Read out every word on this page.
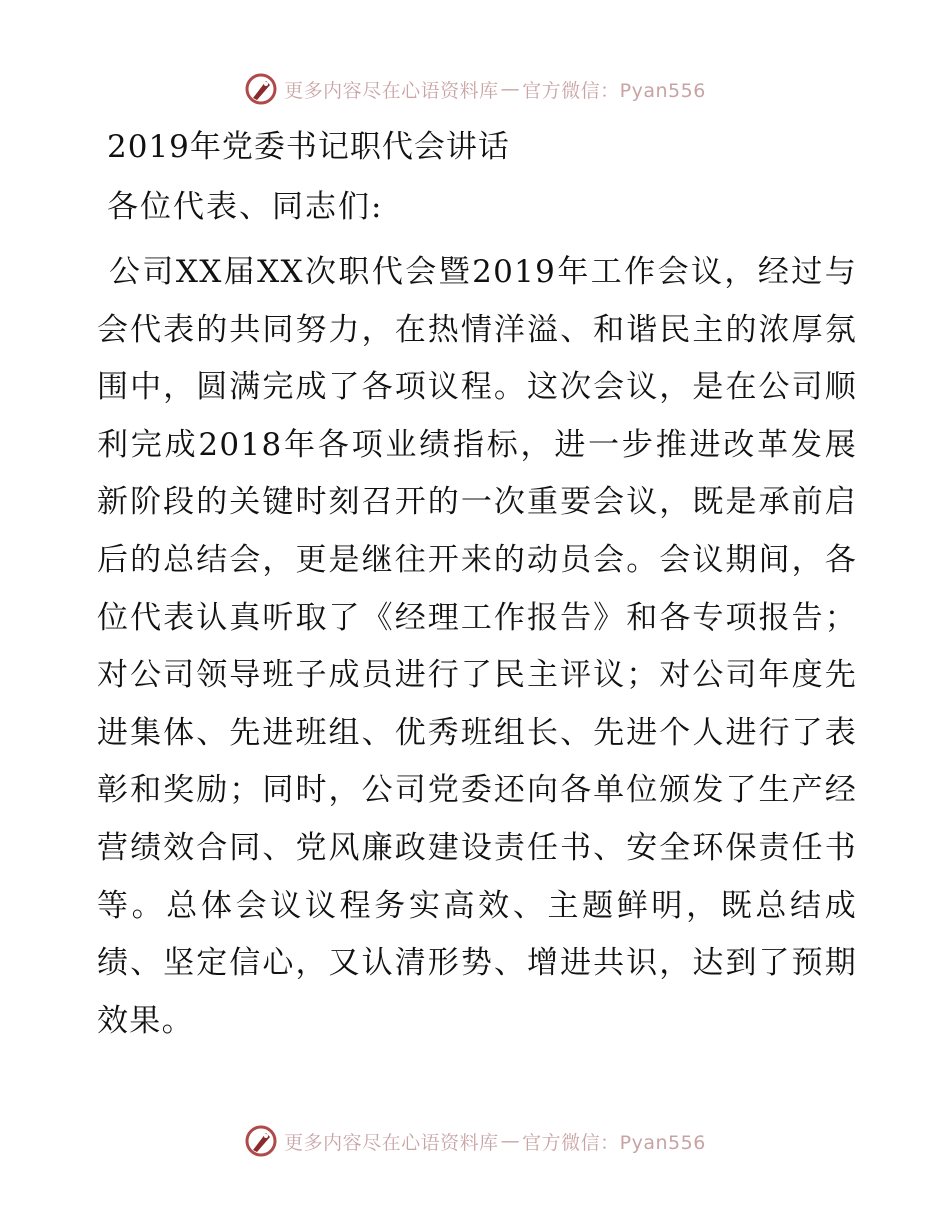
更多内容尽在心语资料库 — 官方微信：Pyan556
2019年党委书记职代会讲话

各位代表、同志们:

公司XX届XX次职代会暨2019年工作会议，经过与会代表的共同努力，在热情洋溢、和谐民主的浓厚氛围中，圆满完成了各项议程。这次会议，是在公司顺利完成2018年各项业绩指标，进一步推进改革发展新阶段的关键时刻召开的一次重要会议，既是承前启后的总结会，更是继往开来的动员会。会议期间，各位代表认真听取了《经理工作报告》和各专项报告；对公司领导班子成员进行了民主评议；对公司年度先进集体、先进班组、优秀班组长、先进个人进行了表彰和奖励；同时，公司党委还向各单位颁发了生产经营绩效合同、党风廉政建设责任书、安全环保责任书等。总体会议议程务实高效、主题鲜明，既总结成绩、坚定信心，又认清形势、增进共识，达到了预期效果。

更多内容尽在心语资料库 — 官方微信：Pyan556
